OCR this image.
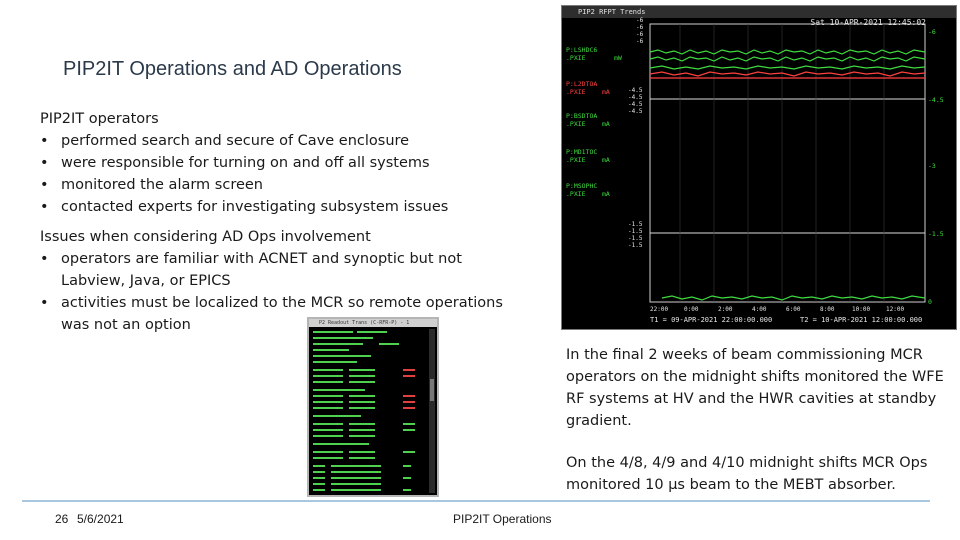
PIP2IT Operations and AD Operations
PIP2IT operators
• performed search and secure of Cave enclosure
• were responsible for turning on and off all systems
• monitored the alarm screen
• contacted experts for investigating subsystem issues
Issues when considering AD Ops involvement
• operators are familiar with ACNET and synoptic but not Labview, Java, or EPICS
• activities must be localized to the MCR so remote operations was not an option
PIP2 RFPT Trends
Sat 10-APR-2021 12:45:02
P:LSHDC6
.PXIE	mW
P:L2DTOA
.PXIE	mA
P:BSDTOA
.PXIE	mA
P:MD1TOC
.PXIE	mA
P:MSOPHC
.PXIE	mA
-6
-6
-6
-6
-4.5
-4.5
-4.5
-4.5
-1.5
-1.5
-1.5
-1.5
-6
-4.5
-3
-1.5
0
22:00	0:00	2:00	4:00	6:00	8:00	10:00	12:00
T1 = 09-APR-2021 22:00:00.000	T2 = 10-APR-2021 12:00:00.000
P2 Readout Trans (C-RFR-P) - 1
In the final 2 weeks of beam commissioning MCR operators on the midnight shifts monitored the WFE RF systems at HV and the HWR cavities at standby gradient.
On the 4/8, 4/9 and 4/10 midnight shifts MCR Ops monitored 10 µs beam to the MEBT absorber.
26 5/6/2021	PIP2IT Operations
